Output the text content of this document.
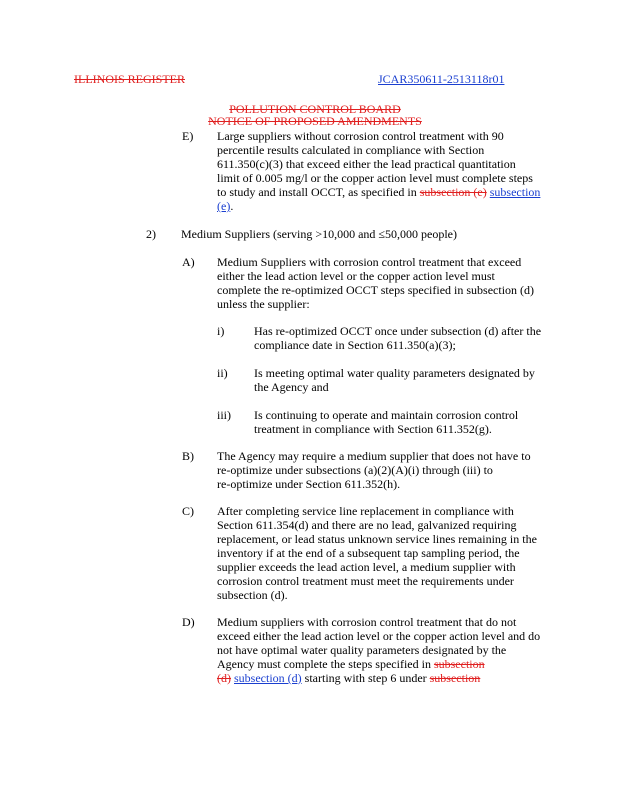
ILLINOIS REGISTER	JCAR350611-2513118r01
POLLUTION CONTROL BOARD
NOTICE OF PROPOSED AMENDMENTS
E) Large suppliers without corrosion control treatment with 90
percentile results calculated in compliance with Section
611.350(c)(3) that exceed either the lead practical quantitation
limit of 0.005 mg/l or the copper action level must complete steps
to study and install OCCT, as specified in subsection (e) subsection
(e).
2) Medium Suppliers (serving >10,000 and ≤50,000 people)
A) Medium Suppliers with corrosion control treatment that exceed
either the lead action level or the copper action level must
complete the re-optimized OCCT steps specified in subsection (d)
unless the supplier:
i) Has re-optimized OCCT once under subsection (d) after the
compliance date in Section 611.350(a)(3);
ii) Is meeting optimal water quality parameters designated by
the Agency and
iii) Is continuing to operate and maintain corrosion control
treatment in compliance with Section 611.352(g).
B) The Agency may require a medium supplier that does not have to
re-optimize under subsections (a)(2)(A)(i) through (iii) to
re-optimize under Section 611.352(h).
C) After completing service line replacement in compliance with
Section 611.354(d) and there are no lead, galvanized requiring
replacement, or lead status unknown service lines remaining in the
inventory if at the end of a subsequent tap sampling period, the
supplier exceeds the lead action level, a medium supplier with
corrosion control treatment must meet the requirements under
subsection (d).
D) Medium suppliers with corrosion control treatment that do not
exceed either the lead action level or the copper action level and do
not have optimal water quality parameters designated by the
Agency must complete the steps specified in subsection
(d) subsection (d) starting with step 6 under subsection
